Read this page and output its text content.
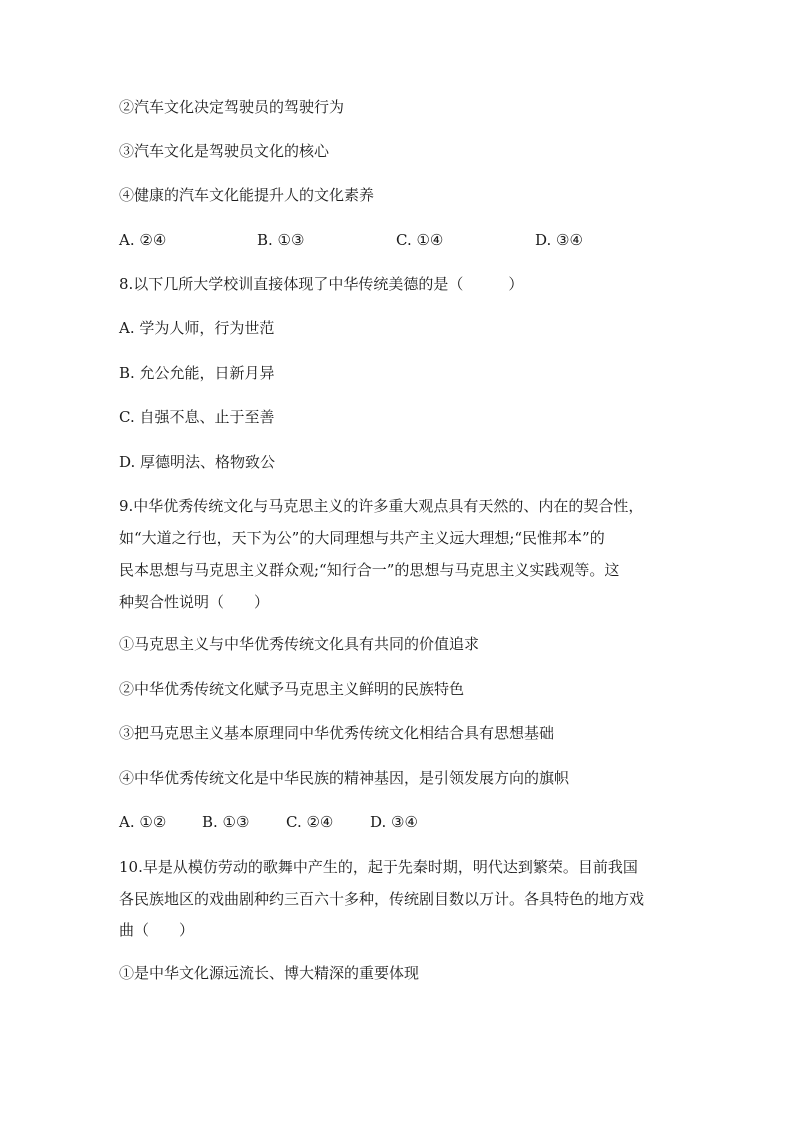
②汽车文化决定驾驶员的驾驶行为
③汽车文化是驾驶员文化的核心
④健康的汽车文化能提升人的文化素养
A. ②④	B. ①③	C. ①④	D. ③④
8.以下几所大学校训直接体现了中华传统美德的是（　　　）
A. 学为人师，行为世范
B. 允公允能，日新月异
C. 自强不息、止于至善
D. 厚德明法、格物致公
9.中华优秀传统文化与马克思主义的许多重大观点具有天然的、内在的契合性，
如“大道之行也，天下为公”的大同理想与共产主义远大理想;“民惟邦本”的
民本思想与马克思主义群众观;“知行合一”的思想与马克思主义实践观等。这
种契合性说明（　　）
①马克思主义与中华优秀传统文化具有共同的价值追求
②中华优秀传统文化赋予马克思主义鲜明的民族特色
③把马克思主义基本原理同中华优秀传统文化相结合具有思想基础
④中华优秀传统文化是中华民族的精神基因，是引领发展方向的旗帜
A. ①② B. ①③ C. ②④ D. ③④
10.早是从模仿劳动的歌舞中产生的，起于先秦时期，明代达到繁荣。目前我国
各民族地区的戏曲剧种约三百六十多种，传统剧目数以万计。各具特色的地方戏
曲（　　）
①是中华文化源远流长、博大精深的重要体现
